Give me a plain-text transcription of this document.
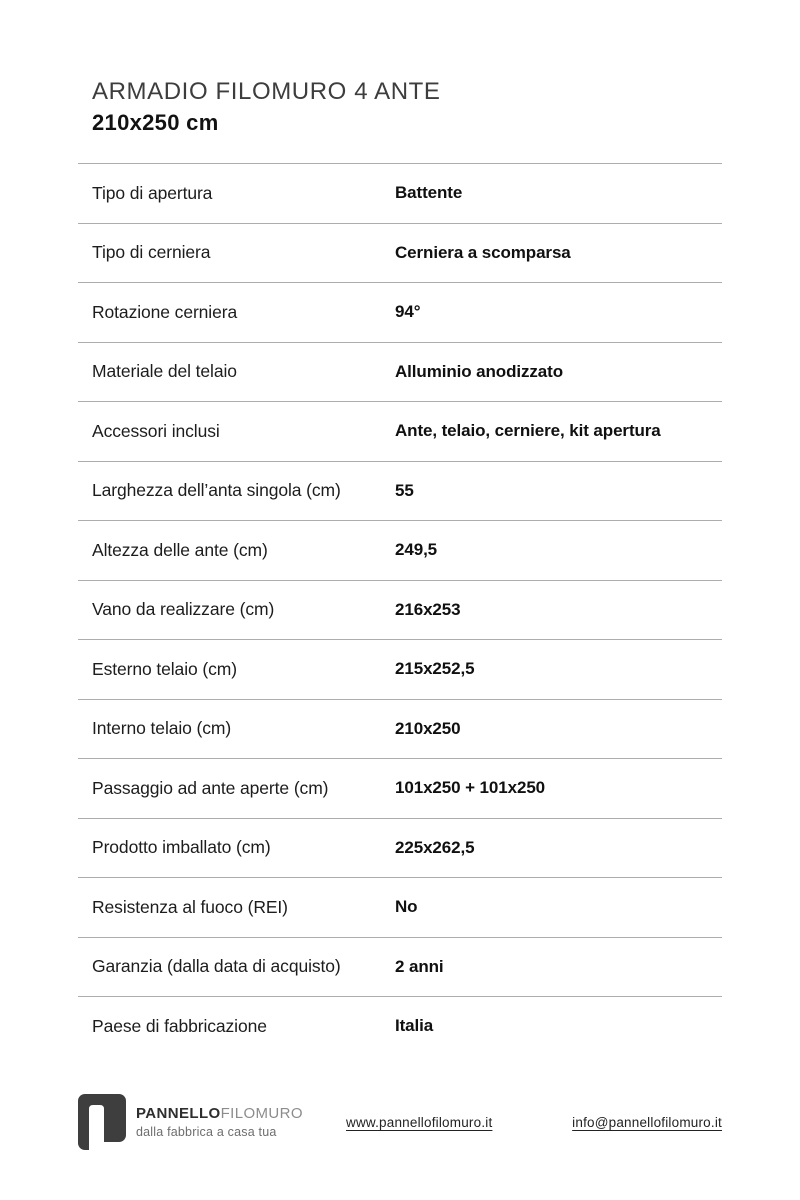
ARMADIO FILOMURO 4 ANTE
210x250 cm
Tipo di apertura	Battente
Tipo di cerniera	Cerniera a scomparsa
Rotazione cerniera	94°
Materiale del telaio	Alluminio anodizzato
Accessori inclusi	Ante, telaio, cerniere, kit apertura
Larghezza dell’anta singola (cm)	55
Altezza delle ante (cm)	249,5
Vano da realizzare (cm)	216x253
Esterno telaio (cm)	215x252,5
Interno telaio (cm)	210x250
Passaggio ad ante aperte (cm)	101x250 + 101x250
Prodotto imballato (cm)	225x262,5
Resistenza al fuoco (REI)	No
Garanzia (dalla data di acquisto)	2 anni
Paese di fabbricazione	Italia
PANNELLOFILOMURO
dalla fabbrica a casa tua
www.pannellofilomuro.it	info@pannellofilomuro.it
